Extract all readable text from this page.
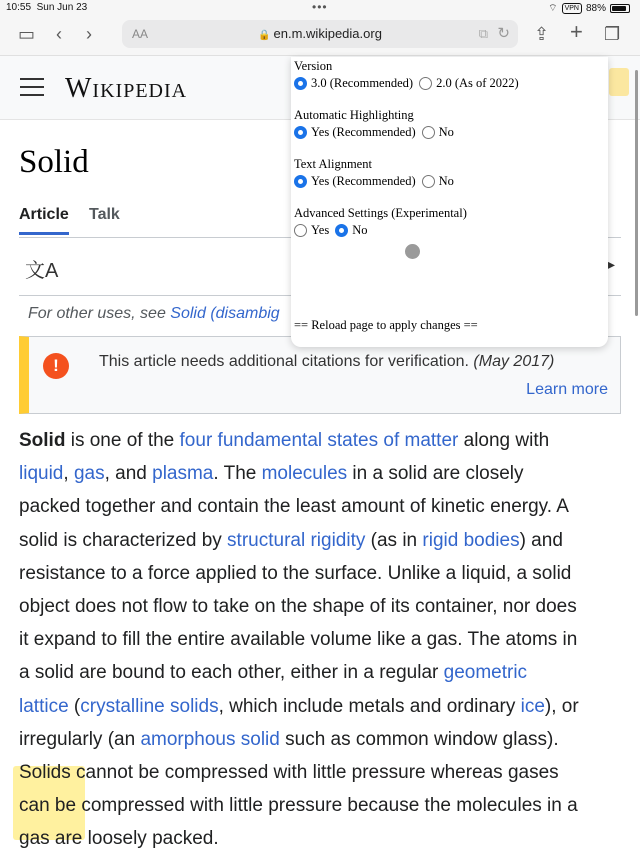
10:55 Sun Jun 23	•••	⌔	VPN 88%
▭ ‹ ›	AA	🔒 en.m.wikipedia.org	⧉ ↻ ⇪ + ❐
Wikipedia
Solid
Article Talk
文A	▸
For other uses, see Solid (disambig
!	This article needs additional citations for verification. (May 2017)
Learn more
Solid is one of the four fundamental states of matter along with
liquid, gas, and plasma. The molecules in a solid are closely
packed together and contain the least amount of kinetic energy. A
solid is characterized by structural rigidity (as in rigid bodies) and
resistance to a force applied to the surface. Unlike a liquid, a solid
object does not flow to take on the shape of its container, nor does
it expand to fill the entire available volume like a gas. The atoms in
a solid are bound to each other, either in a regular geometric
lattice (crystalline solids, which include metals and ordinary ice), or
irregularly (an amorphous solid such as common window glass).
Solids cannot be compressed with little pressure whereas gases
can be compressed with little pressure because the molecules in a
gas are loosely packed.
Version
3.0 (Recommended) 2.0 (As of 2022)
Automatic Highlighting
Yes (Recommended) No
Text Alignment
Yes (Recommended) No
Advanced Settings (Experimental)
Yes No
== Reload page to apply changes ==
